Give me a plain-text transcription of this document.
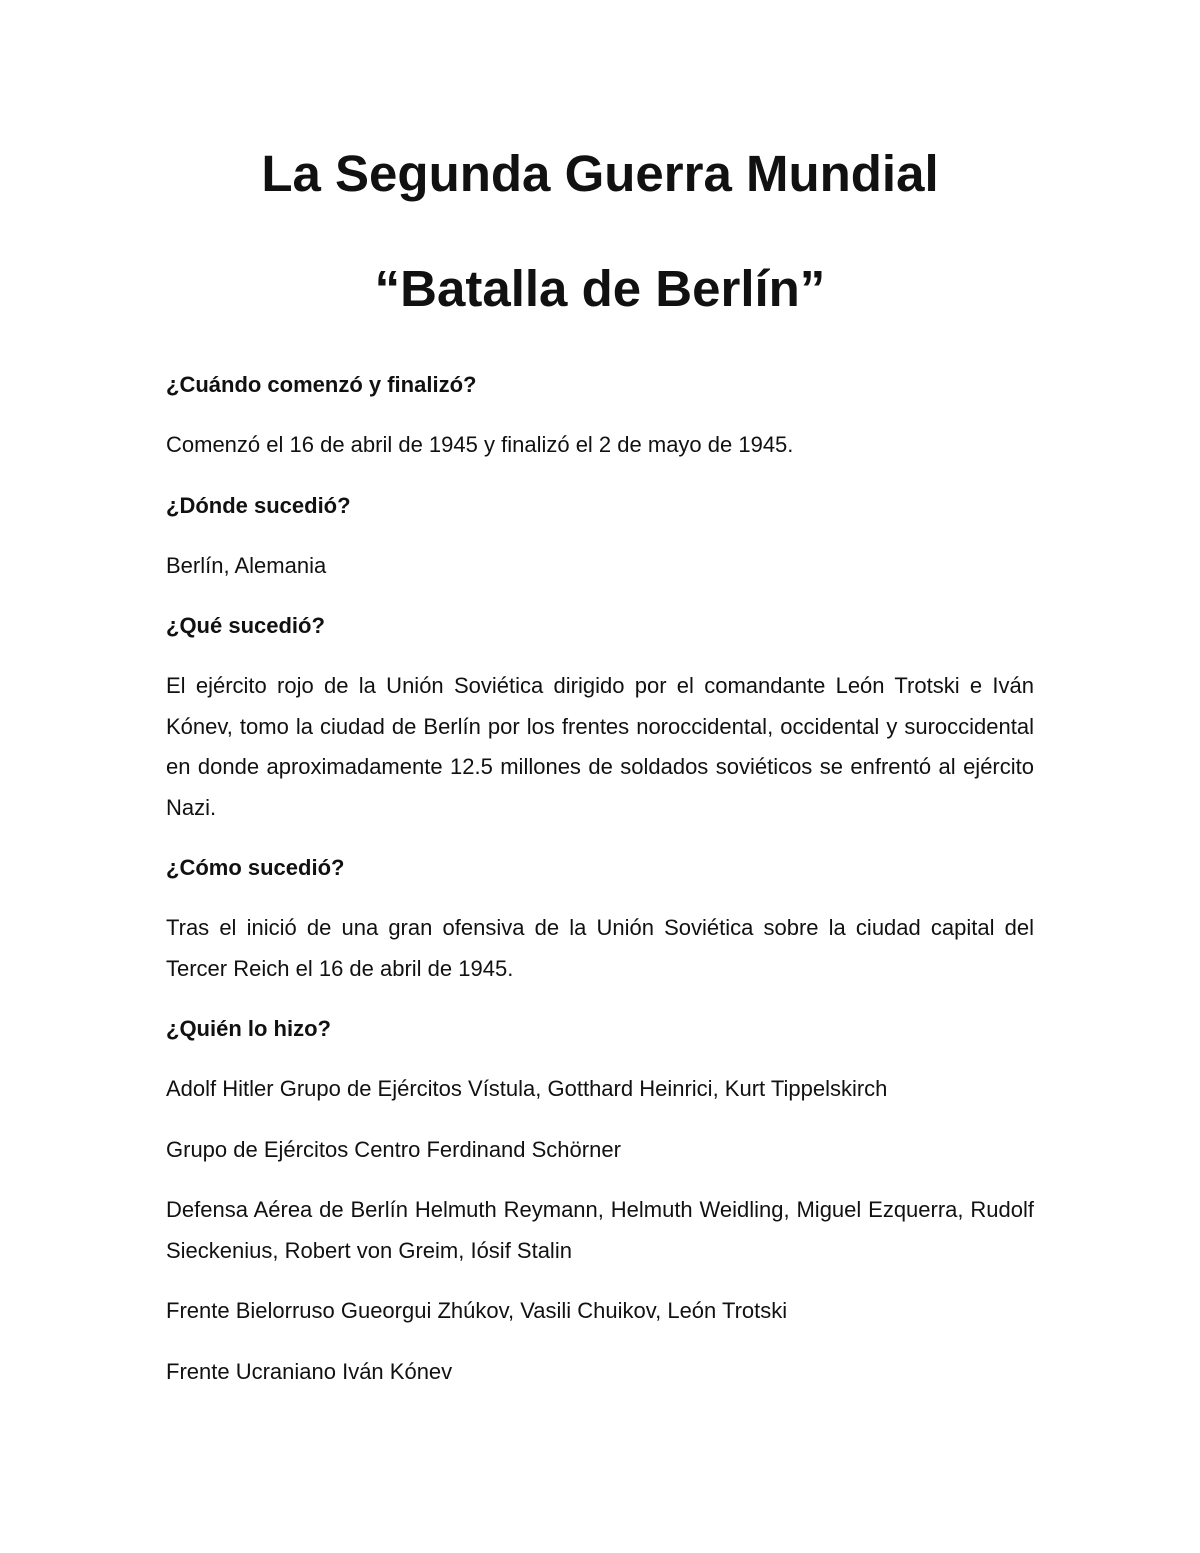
La Segunda Guerra Mundial
“Batalla de Berlín”

¿Cuándo comenzó y finalizó?

Comenzó el 16 de abril de 1945 y finalizó el 2 de mayo de 1945.

¿Dónde sucedió?

Berlín, Alemania

¿Qué sucedió?

El ejército rojo de la Unión Soviética dirigido por el comandante León Trotski e Iván Kónev, tomo la ciudad de Berlín por los frentes noroccidental, occidental y suroccidental en donde aproximadamente 12.5 millones de soldados soviéticos se enfrentó al ejército Nazi.

¿Cómo sucedió?

Tras el inició de una gran ofensiva de la Unión Soviética sobre la ciudad capital del Tercer Reich el 16 de abril de 1945.

¿Quién lo hizo?

Adolf Hitler Grupo de Ejércitos Vístula, Gotthard Heinrici, Kurt Tippelskirch

Grupo de Ejércitos Centro Ferdinand Schörner

Defensa Aérea de Berlín Helmuth Reymann, Helmuth Weidling, Miguel Ezquerra, Rudolf Sieckenius, Robert von Greim, Iósif Stalin

Frente Bielorruso Gueorgui Zhúkov, Vasili Chuikov, León Trotski

Frente Ucraniano Iván Kónev
